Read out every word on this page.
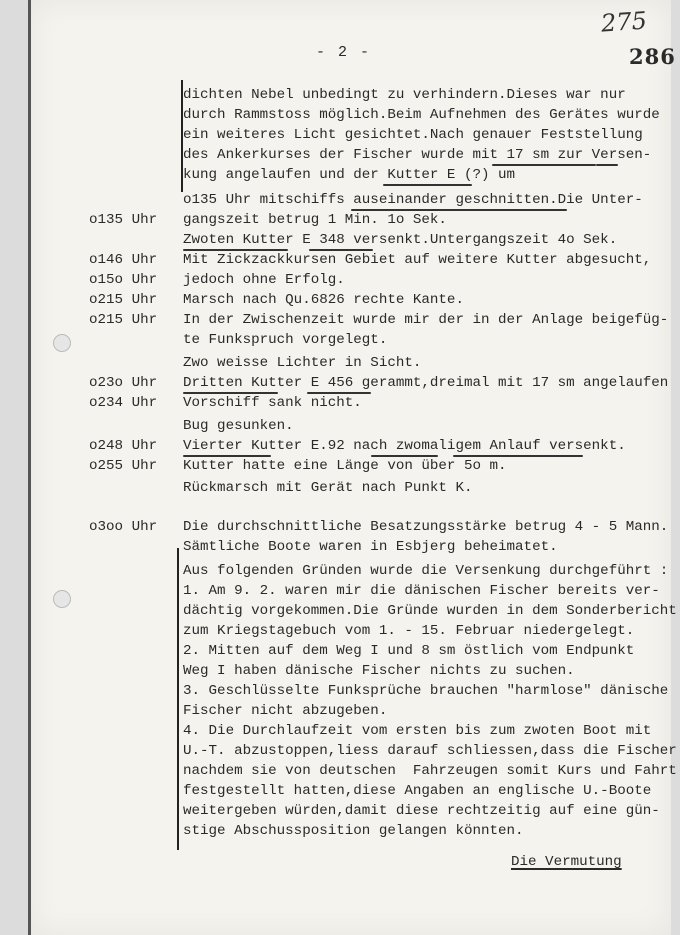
- 2 -
275
286
o135 Uhr
o146 Uhr
o15o Uhr
o215 Uhr
o215 Uhr
o23o Uhr
o234 Uhr
o248 Uhr
o255 Uhr
o3oo Uhr
dichten Nebel unbedingt zu verhindern.Dieses war nur
durch Rammstoss möglich.Beim Aufnehmen des Gerätes wurde
ein weiteres Licht gesichtet.Nach genauer Feststellung
des Ankerkurses der Fischer wurde mit 17 sm zur Versen-
kung angelaufen und der Kutter E (?) um
o135 Uhr mitschiffs auseinander geschnitten.Die Unter-
gangszeit betrug 1 Min. 1o Sek.
Zwoten Kutter E 348 versenkt.Untergangszeit 4o Sek.
Mit Zickzackkursen Gebiet auf weitere Kutter abgesucht,
jedoch ohne Erfolg.
Marsch nach Qu.6826 rechte Kante.
In der Zwischenzeit wurde mir der in der Anlage beigefüg-
te Funkspruch vorgelegt.
Zwo weisse Lichter in Sicht.
Dritten Kutter E 456 gerammt,dreimal mit 17 sm angelaufen
Vorschiff sank nicht.
Bug gesunken.
Vierter Kutter E.92 nach zwomaligem Anlauf versenkt.
Kutter hatte eine Länge von über 5o m.
Rückmarsch mit Gerät nach Punkt K.
Die durchschnittliche Besatzungsstärke betrug 4 - 5 Mann.
Sämtliche Boote waren in Esbjerg beheimatet.
Aus folgenden Gründen wurde die Versenkung durchgeführt :
1. Am 9. 2. waren mir die dänischen Fischer bereits ver-
dächtig vorgekommen.Die Gründe wurden in dem Sonderbericht
zum Kriegstagebuch vom 1. - 15. Februar niedergelegt.
2. Mitten auf dem Weg I und 8 sm östlich vom Endpunkt
Weg I haben dänische Fischer nichts zu suchen.
3. Geschlüsselte Funksprüche brauchen "harmlose" dänische
Fischer nicht abzugeben.
4. Die Durchlaufzeit vom ersten bis zum zwoten Boot mit
U.-T. abzustoppen,liess darauf schliessen,dass die Fischer
nachdem sie von deutschen  Fahrzeugen somit Kurs und Fahrt
festgestellt hatten,diese Angaben an englische U.-Boote
weitergeben würden,damit diese rechtzeitig auf eine gün-
stige Abschussposition gelangen könnten.
Die Vermutung
